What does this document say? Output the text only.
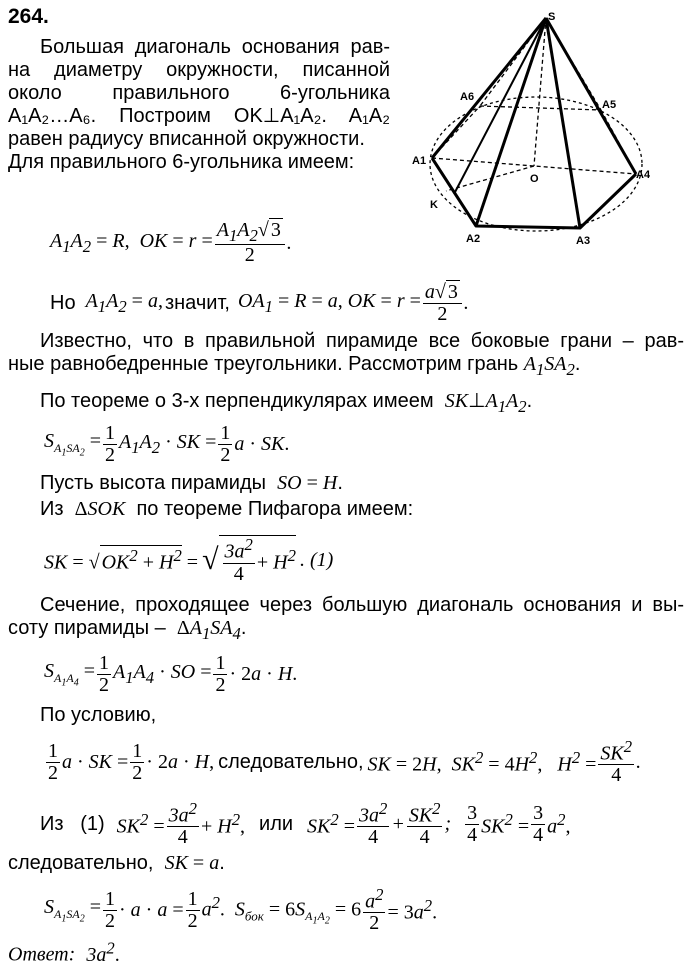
264.
Большая диагональ основания рав-
на диаметру окружности, писанной
около правильного 6-угольника
A₁A₂…A₆. Построим OK⊥A₁A₂. A₁A₂
равен радиусу вписанной окружности.
Для правильного 6-угольника имеем:
S
O
K
A1
A2	A3
A4
A5
A6
$A_1A_2 = R$,  OK = $r = \frac{A_1A_2√ 3}{2}$ .
Но $A_1A_2 = a$, значит, $OA_1 = R = a$, OK = $r = \frac{a√ 3}{2}$ .
Известно, что в правильной пирамиде все боковые грани – рав-
ные равнобедренные треугольники. Рассмотрим грань $A_1SA_2$.
По теореме о 3-х перпендикулярах имеем  $SK\perp A_1A_2$.
$S_{A_1SA_2} = \frac{1}{2} A_1A_2$ · SK = $\frac{1}{2}$ a · SK.
Пусть высота пирамиды  SO = H.
Из  ΔSOK  по теореме Пифагора имеем:
SK = √ $OK^2 + H^2$ = √ $\frac{3a^2}{4} + H^2$ . (1)
Сечение, проходящее через большую диагональ основания и вы-
соту пирамиды –  $\Delta A_1SA_4$.
$S_{A_1A_4} = \frac{1}{2} A_1A_4$ · SO = $\frac{1}{2} \cdot 2a \cdot H$.
По условию,
$\frac{1}{2}$ a · SK = $\frac{1}{2} \cdot 2a \cdot H$, следовательно, SK = 2H,  $SK^2 = 4H^2$,   $H^2 = \frac{SK^2}{4}$ .
Из   (1) $SK^2 = \frac{3a^2}{4} + H^2$, или $SK^2 = \frac{3a^2}{4} + \frac{SK^2}{4}$ ; $\frac{3}{4} SK^2 = \frac{3}{4} a^2$,
следовательно,  SK = a.
$S_{A_1SA_2} = \frac{1}{2} \cdot a \cdot a = \frac{1}{2} a^2$.  $S_{бок} = 6S_{A_1A_2} = 6 \frac{a^2}{2} = 3a^2$.
Ответ: $3a^2$.
